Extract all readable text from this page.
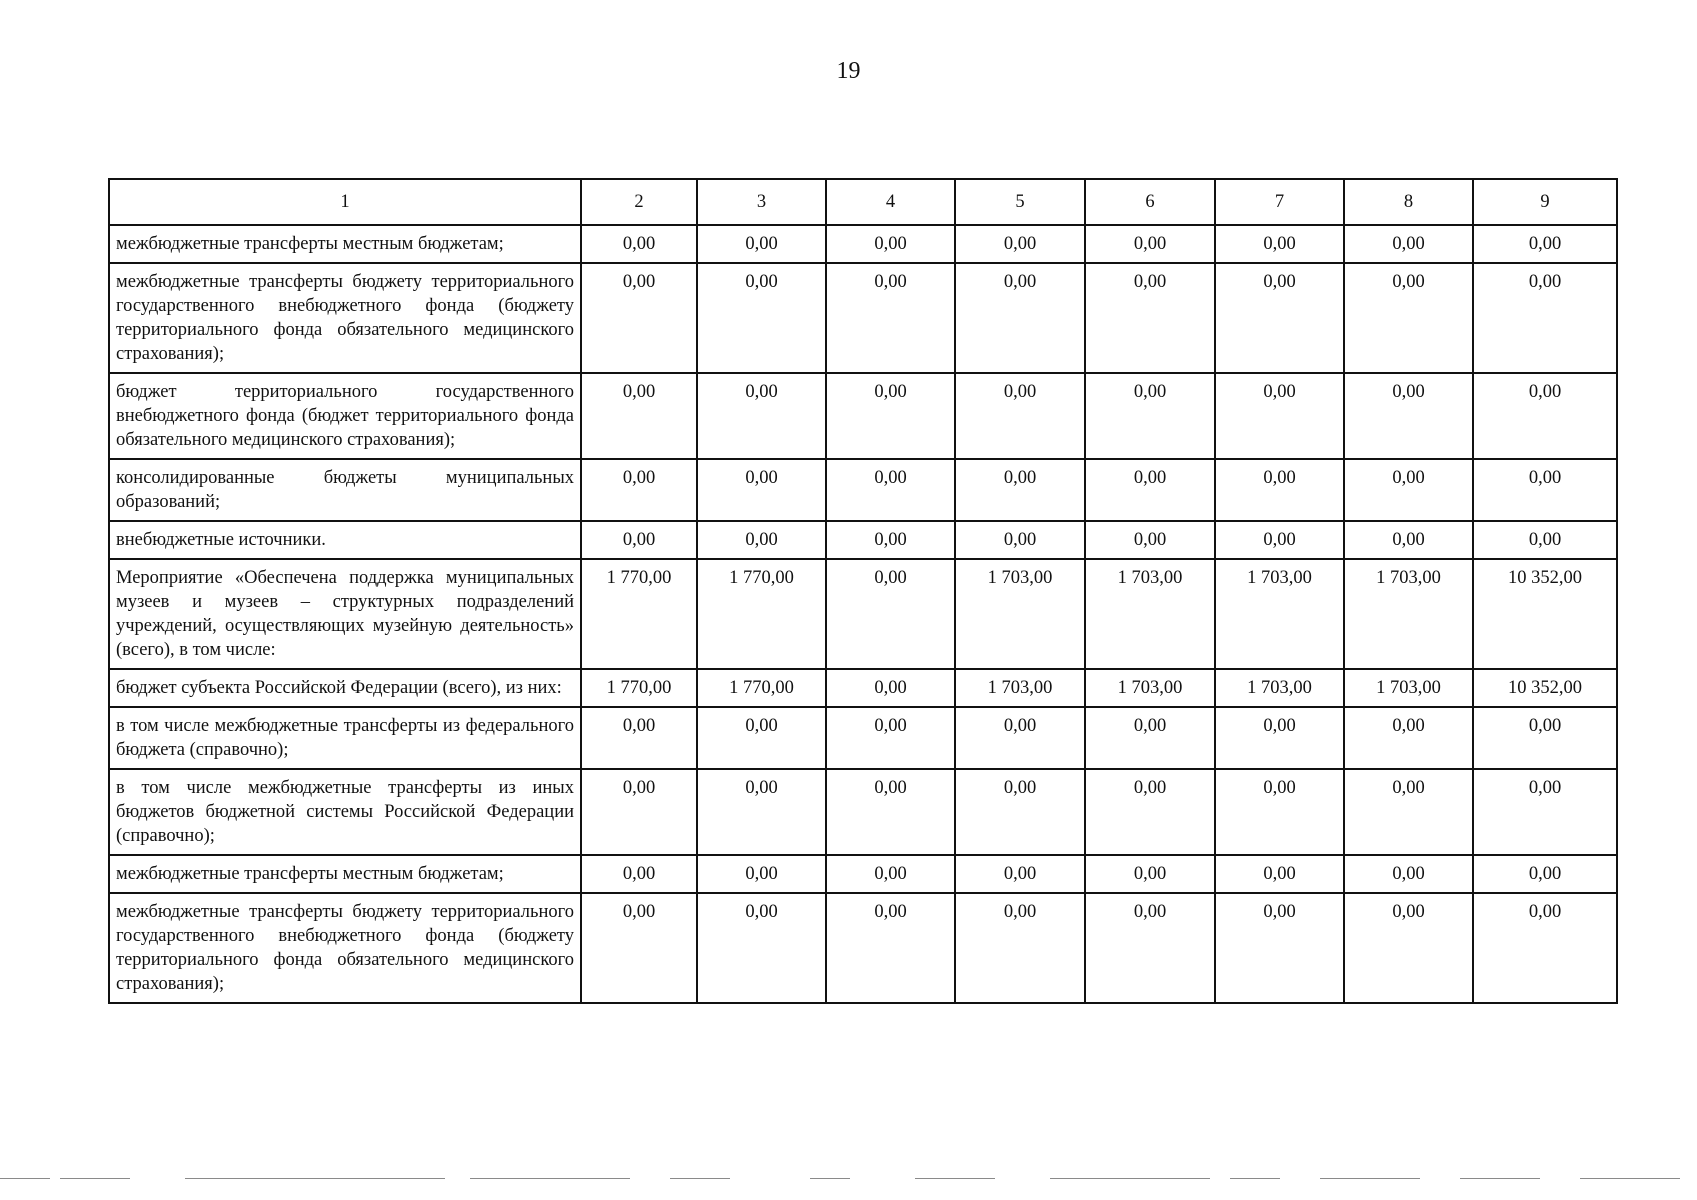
19
1	2	3	4	5	6	7	8	9
межбюджетные трансферты местным бюджетам;	0,00	0,00	0,00	0,00	0,00	0,00	0,00	0,00
межбюджетные трансферты бюджету территориального государственного внебюджетного фонда (бюджету территориального фонда обязательного медицинского страхования);	0,00	0,00	0,00	0,00	0,00	0,00	0,00	0,00
бюджет территориального государственного внебюджетного фонда (бюджет территориального фонда обязательного медицинского страхования);	0,00	0,00	0,00	0,00	0,00	0,00	0,00	0,00
консолидированные бюджеты муниципальных образований;	0,00	0,00	0,00	0,00	0,00	0,00	0,00	0,00
внебюджетные источники.	0,00	0,00	0,00	0,00	0,00	0,00	0,00	0,00
Мероприятие «Обеспечена поддержка муниципальных музеев и музеев – структурных подразделений учреждений, осуществляющих музейную деятельность» (всего), в том числе:	1 770,00	1 770,00	0,00	1 703,00	1 703,00	1 703,00	1 703,00	10 352,00
бюджет субъекта Российской Федерации (всего), из них:	1 770,00	1 770,00	0,00	1 703,00	1 703,00	1 703,00	1 703,00	10 352,00
в том числе межбюджетные трансферты из федерального бюджета (справочно);	0,00	0,00	0,00	0,00	0,00	0,00	0,00	0,00
в том числе межбюджетные трансферты из иных бюджетов бюджетной системы Российской Федерации (справочно);	0,00	0,00	0,00	0,00	0,00	0,00	0,00	0,00
межбюджетные трансферты местным бюджетам;	0,00	0,00	0,00	0,00	0,00	0,00	0,00	0,00
межбюджетные трансферты бюджету территориального государственного внебюджетного фонда (бюджету территориального фонда обязательного медицинского страхования);	0,00	0,00	0,00	0,00	0,00	0,00	0,00	0,00
